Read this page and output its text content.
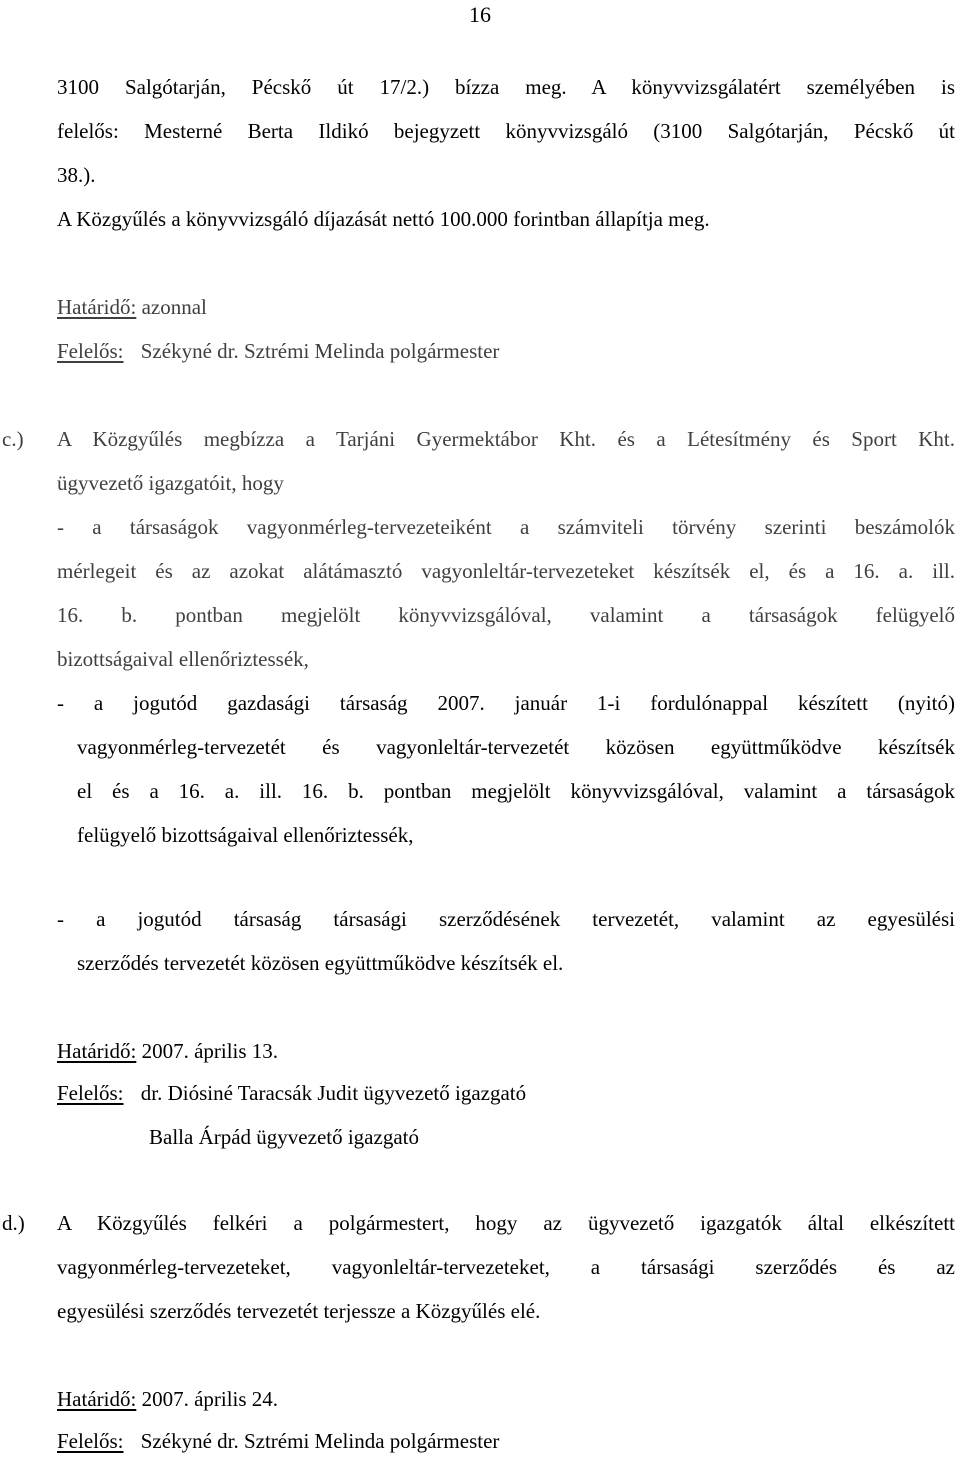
16
3100 Salgótarján, Pécskő út 17/2.) bízza meg. A könyvvizsgálatért személyében is
felelős: Mesterné Berta Ildikó bejegyzett könyvvizsgáló (3100 Salgótarján, Pécskő út
38.).
A Közgyűlés a könyvvizsgáló díjazását nettó 100.000 forintban állapítja meg.
Határidő: azonnal
Felelős: Székyné dr. Sztrémi Melinda polgármester
c.) A Közgyűlés megbízza a Tarjáni Gyermektábor Kht. és a Létesítmény és Sport Kht.
ügyvezető igazgatóit, hogy
- a társaságok vagyonmérleg-tervezeteiként a számviteli törvény szerinti beszámolók
mérlegeit és az azokat alátámasztó vagyonleltár-tervezeteket készítsék el, és a 16. a. ill.
16. b. pontban megjelölt könyvvizsgálóval, valamint a társaságok felügyelő
bizottságaival ellenőriztessék,
- a jogutód gazdasági társaság 2007. január 1-i fordulónappal készített (nyitó)
vagyonmérleg-tervezetét és vagyonleltár-tervezetét közösen együttműködve készítsék
el és a 16. a. ill. 16. b. pontban megjelölt könyvvizsgálóval, valamint a társaságok
felügyelő bizottságaival ellenőriztessék,
- a jogutód társaság társasági szerződésének tervezetét, valamint az egyesülési
szerződés tervezetét közösen együttműködve készítsék el.
Határidő: 2007. április 13.
Felelős: dr. Diósiné Taracsák Judit ügyvezető igazgató
Balla Árpád ügyvezető igazgató
d.) A Közgyűlés felkéri a polgármestert, hogy az ügyvezető igazgatók által elkészített
vagyonmérleg-tervezeteket, vagyonleltár-tervezeteket, a társasági szerződés és az
egyesülési szerződés tervezetét terjessze a Közgyűlés elé.
Határidő: 2007. április 24.
Felelős: Székyné dr. Sztrémi Melinda polgármester
